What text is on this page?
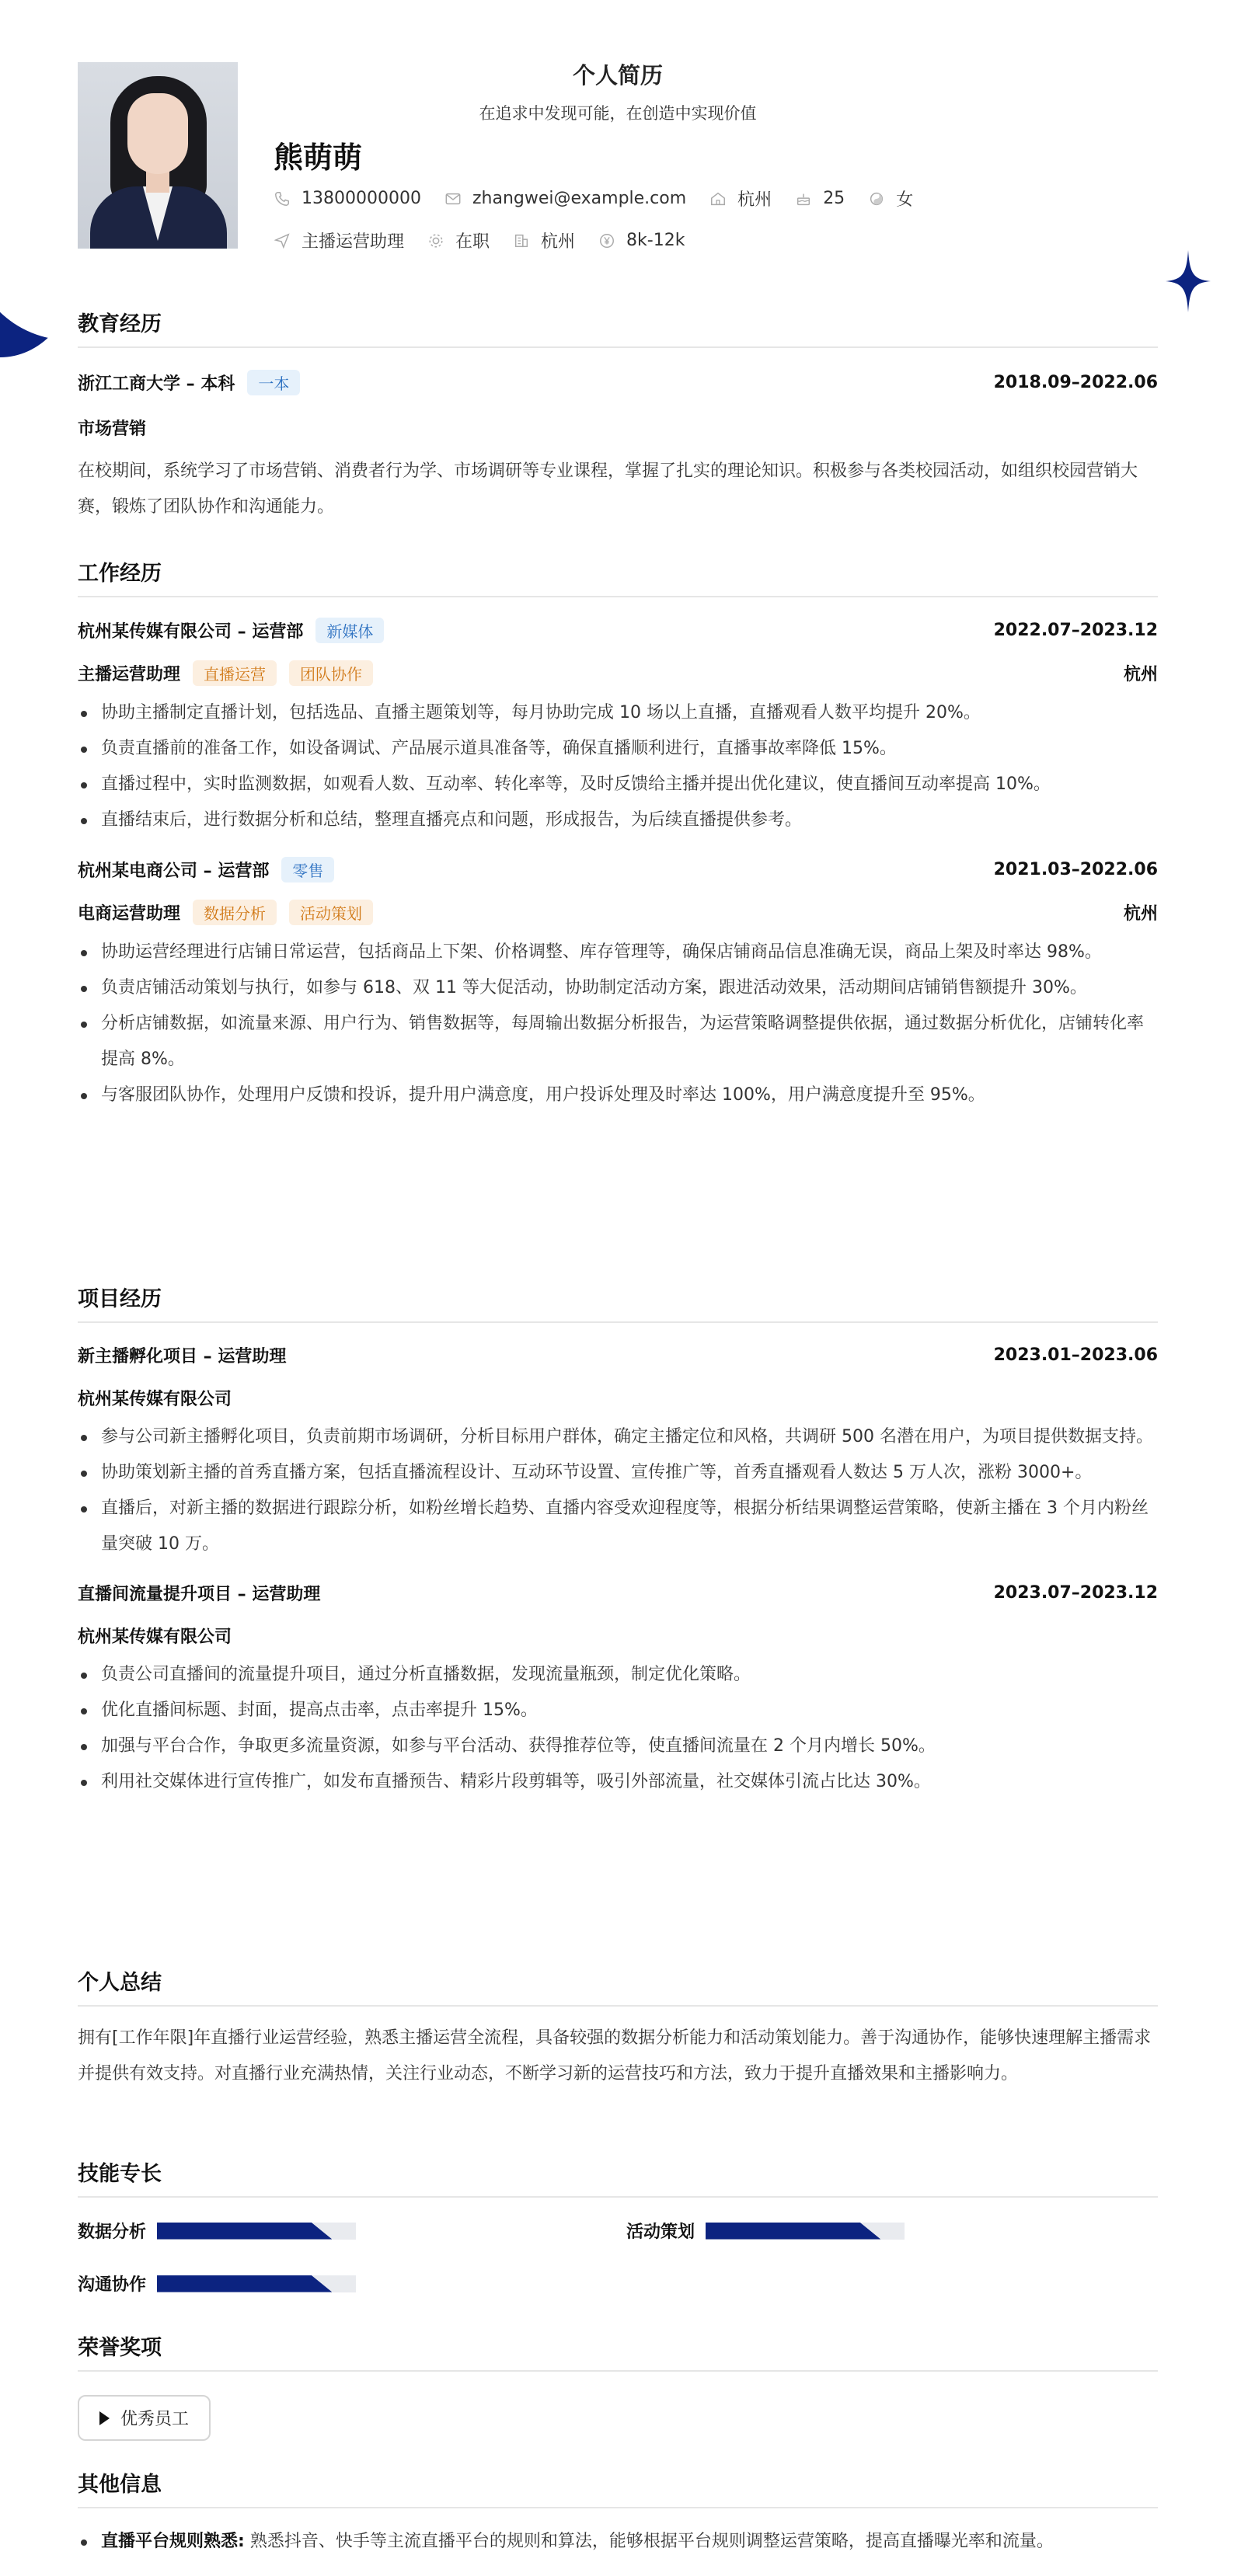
个人简历
在追求中发现可能，在创造中实现价值
熊萌萌
13800000000	zhangwei@example.com	杭州	25	女
主播运营助理	在职	杭州	8k-12k
教育经历
浙江工商大学 – 本科	一本	2018.09–2022.06
市场营销
在校期间，系统学习了市场营销、消费者行为学、市场调研等专业课程，掌握了扎实的理论知识。积极参与各类校园活动，如组织校园营销大赛，锻炼了团队协作和沟通能力。
工作经历
杭州某传媒有限公司 – 运营部	新媒体	2022.07–2023.12
主播运营助理	直播运营	团队协作	杭州
协助主播制定直播计划，包括选品、直播主题策划等，每月协助完成 10 场以上直播，直播观看人数平均提升 20%。
负责直播前的准备工作，如设备调试、产品展示道具准备等，确保直播顺利进行，直播事故率降低 15%。
直播过程中，实时监测数据，如观看人数、互动率、转化率等，及时反馈给主播并提出优化建议，使直播间互动率提高 10%。
直播结束后，进行数据分析和总结，整理直播亮点和问题，形成报告，为后续直播提供参考。
杭州某电商公司 – 运营部	零售	2021.03–2022.06
电商运营助理	数据分析	活动策划	杭州
协助运营经理进行店铺日常运营，包括商品上下架、价格调整、库存管理等，确保店铺商品信息准确无误，商品上架及时率达 98%。
负责店铺活动策划与执行，如参与 618、双 11 等大促活动，协助制定活动方案，跟进活动效果，活动期间店铺销售额提升 30%。
分析店铺数据，如流量来源、用户行为、销售数据等，每周输出数据分析报告，为运营策略调整提供依据，通过数据分析优化，店铺转化率提高 8%。
与客服团队协作，处理用户反馈和投诉，提升用户满意度，用户投诉处理及时率达 100%，用户满意度提升至 95%。
项目经历
新主播孵化项目 – 运营助理	2023.01–2023.06
杭州某传媒有限公司
参与公司新主播孵化项目，负责前期市场调研，分析目标用户群体，确定主播定位和风格，共调研 500 名潜在用户，为项目提供数据支持。
协助策划新主播的首秀直播方案，包括直播流程设计、互动环节设置、宣传推广等，首秀直播观看人数达 5 万人次，涨粉 3000+。
直播后，对新主播的数据进行跟踪分析，如粉丝增长趋势、直播内容受欢迎程度等，根据分析结果调整运营策略，使新主播在 3 个月内粉丝量突破 10 万。
直播间流量提升项目 – 运营助理	2023.07–2023.12
杭州某传媒有限公司
负责公司直播间的流量提升项目，通过分析直播数据，发现流量瓶颈，制定优化策略。
优化直播间标题、封面，提高点击率，点击率提升 15%。
加强与平台合作，争取更多流量资源，如参与平台活动、获得推荐位等，使直播间流量在 2 个月内增长 50%。
利用社交媒体进行宣传推广，如发布直播预告、精彩片段剪辑等，吸引外部流量，社交媒体引流占比达 30%。
个人总结
拥有[工作年限]年直播行业运营经验，熟悉主播运营全流程，具备较强的数据分析能力和活动策划能力。善于沟通协作，能够快速理解主播需求并提供有效支持。对直播行业充满热情，关注行业动态，不断学习新的运营技巧和方法，致力于提升直播效果和主播影响力。
技能专长
数据分析	活动策划
沟通协作
荣誉奖项
优秀员工
其他信息
直播平台规则熟悉: 熟悉抖音、快手等主流直播平台的规则和算法，能够根据平台规则调整运营策略，提高直播曝光率和流量。
